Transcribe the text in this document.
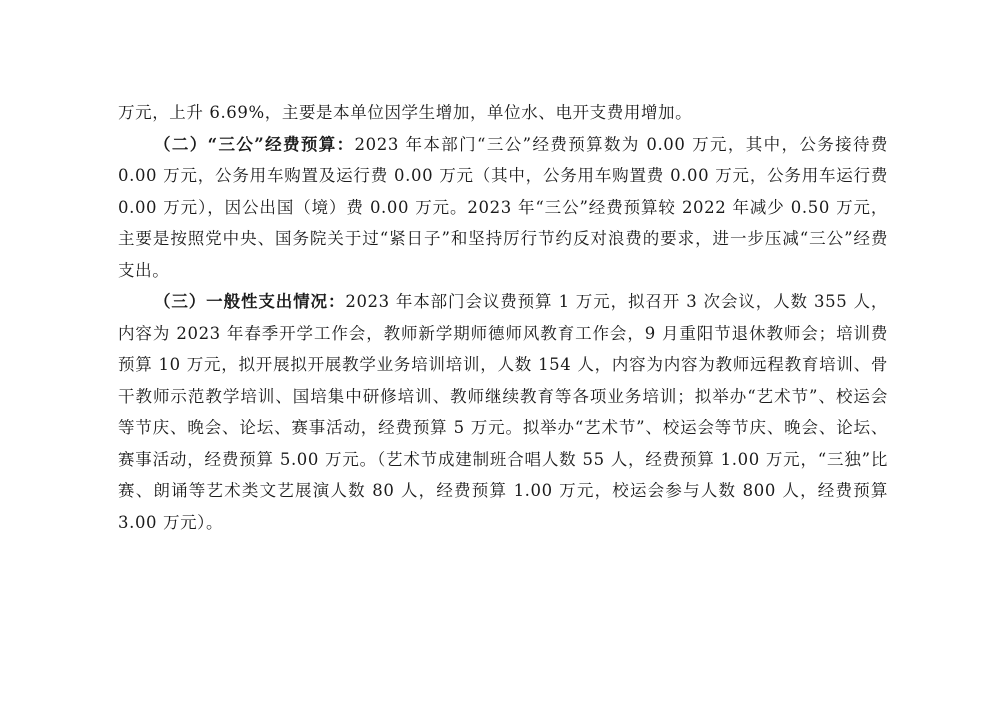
万元，上升 6.69%，主要是本单位因学生增加，单位水、电开支费用增加。

（二）“三公”经费预算：2023 年本部门“三公”经费预算数为 0.00 万元，其中，公务接待费 0.00 万元，公务用车购置及运行费 0.00 万元（其中，公务用车购置费 0.00 万元，公务用车运行费 0.00 万元），因公出国（境）费 0.00 万元。2023 年“三公”经费预算较 2022 年减少 0.50 万元，主要是按照党中央、国务院关于过“紧日子”和坚持厉行节约反对浪费的要求，进一步压减“三公”经费支出。

（三）一般性支出情况：2023 年本部门会议费预算 1 万元，拟召开 3 次会议，人数 355 人，内容为 2023 年春季开学工作会，教师新学期师德师风教育工作会，9 月重阳节退休教师会；培训费预算 10 万元，拟开展拟开展教学业务培训培训，人数 154 人，内容为内容为教师远程教育培训、骨干教师示范教学培训、国培集中研修培训、教师继续教育等各项业务培训；拟举办“艺术节”、校运会等节庆、晚会、论坛、赛事活动，经费预算 5 万元。拟举办“艺术节”、校运会等节庆、晚会、论坛、赛事活动，经费预算 5.00 万元。（艺术节成建制班合唱人数 55 人，经费预算 1.00 万元，“三独”比赛、朗诵等艺术类文艺展演人数 80 人，经费预算 1.00 万元，校运会参与人数 800 人，经费预算 3.00 万元）。
